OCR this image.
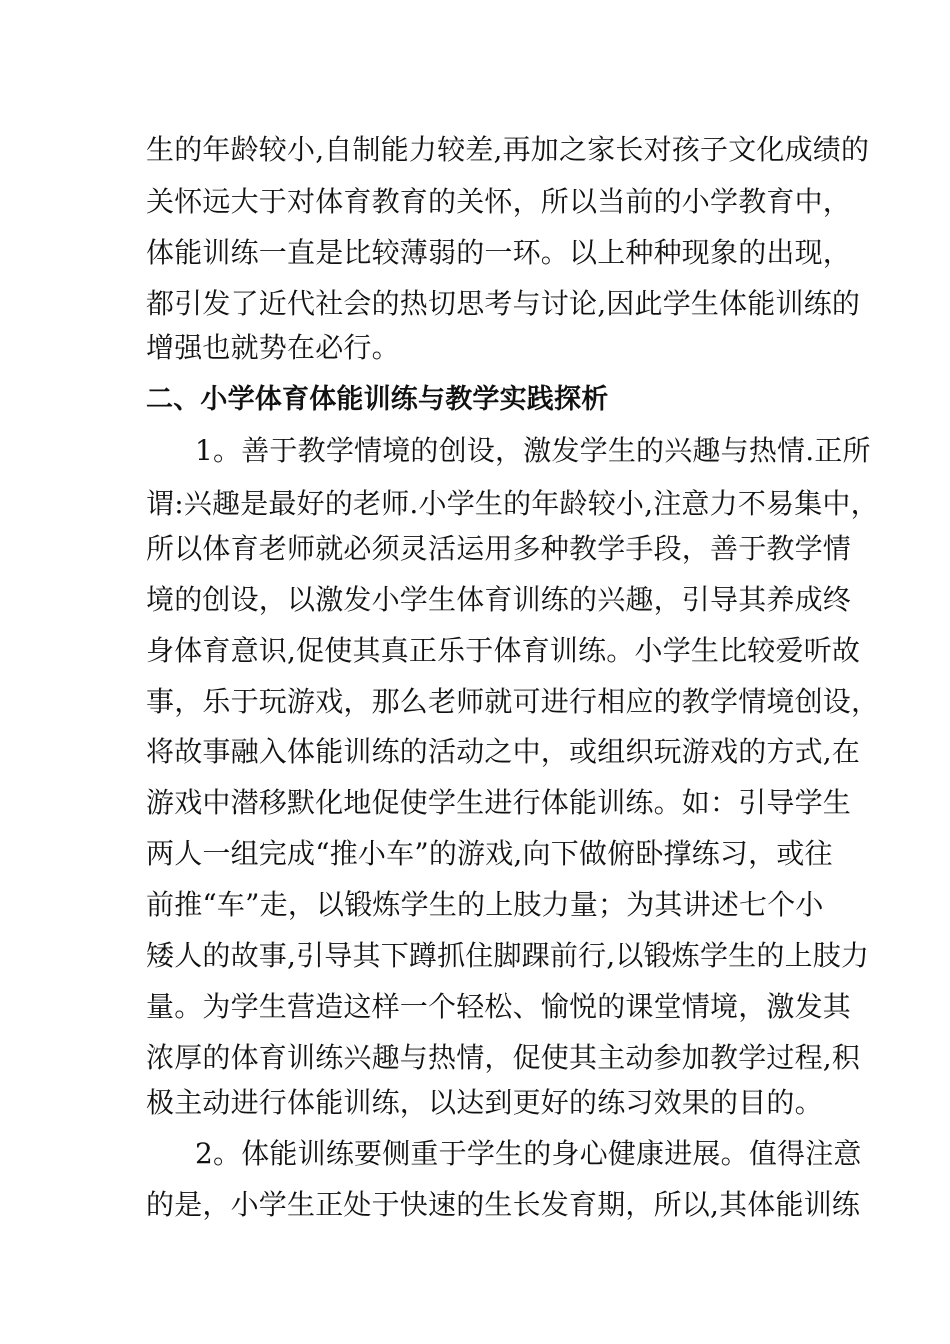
生的年龄较小,自制能力较差,再加之家长对孩子文化成绩的
关怀远大于对体育教育的关怀，所以当前的小学教育中，
体能训练一直是比较薄弱的一环。以上种种现象的出现，
都引发了近代社会的热切思考与讨论,因此学生体能训练的
增强也就势在必行。
二、小学体育体能训练与教学实践探析
1。善于教学情境的创设，激发学生的兴趣与热情.正所
谓:兴趣是最好的老师.小学生的年龄较小,注意力不易集中，
所以体育老师就必须灵活运用多种教学手段，善于教学情
境的创设，以激发小学生体育训练的兴趣，引导其养成终
身体育意识,促使其真正乐于体育训练。小学生比较爱听故
事，乐于玩游戏，那么老师就可进行相应的教学情境创设，
将故事融入体能训练的活动之中，或组织玩游戏的方式,在
游戏中潜移默化地促使学生进行体能训练。如：引导学生
两人一组完成“推小车”的游戏,向下做俯卧撑练习，或往
前推“车”走，以锻炼学生的上肢力量；为其讲述七个小
矮人的故事,引导其下蹲抓住脚踝前行,以锻炼学生的上肢力
量。为学生营造这样一个轻松、愉悦的课堂情境，激发其
浓厚的体育训练兴趣与热情，促使其主动参加教学过程,积
极主动进行体能训练，以达到更好的练习效果的目的。
2。体能训练要侧重于学生的身心健康进展。值得注意
的是，小学生正处于快速的生长发育期，所以,其体能训练
